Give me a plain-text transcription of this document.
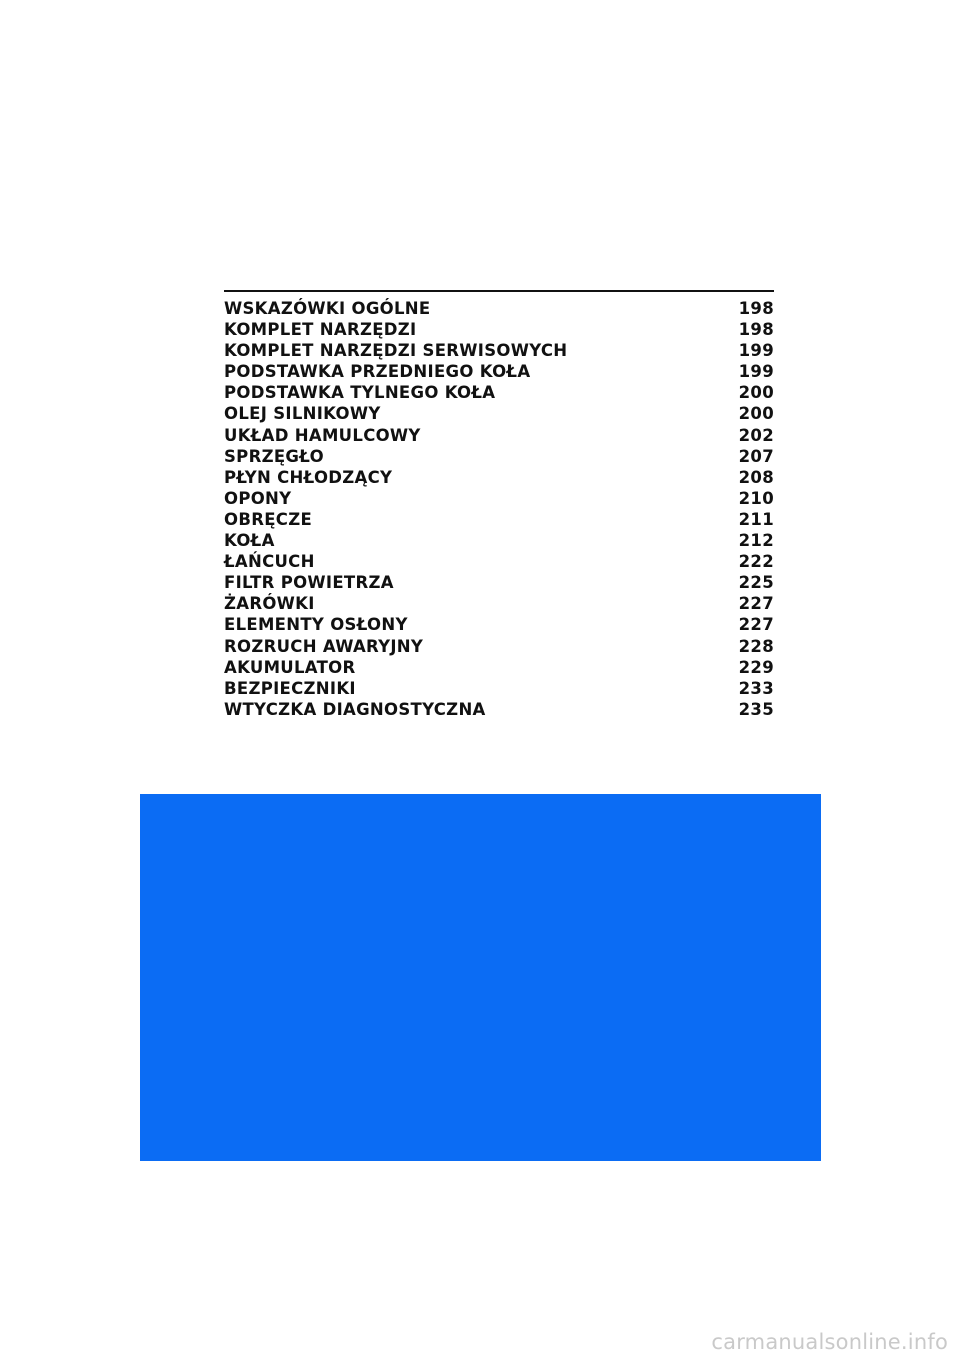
WSKAZÓWKI OGÓLNE	198
KOMPLET NARZĘDZI	198
KOMPLET NARZĘDZI SERWISOWYCH	199
PODSTAWKA PRZEDNIEGO KOŁA	199
PODSTAWKA TYLNEGO KOŁA	200
OLEJ SILNIKOWY	200
UKŁAD HAMULCOWY	202
SPRZĘGŁO	207
PŁYN CHŁODZĄCY	208
OPONY	210
OBRĘCZE	211
KOŁA	212
ŁAŃCUCH	222
FILTR POWIETRZA	225
ŻARÓWKI	227
ELEMENTY OSŁONY	227
ROZRUCH AWARYJNY	228
AKUMULATOR	229
BEZPIECZNIKI	233
WTYCZKA DIAGNOSTYCZNA	235
carmanualsonline.info
